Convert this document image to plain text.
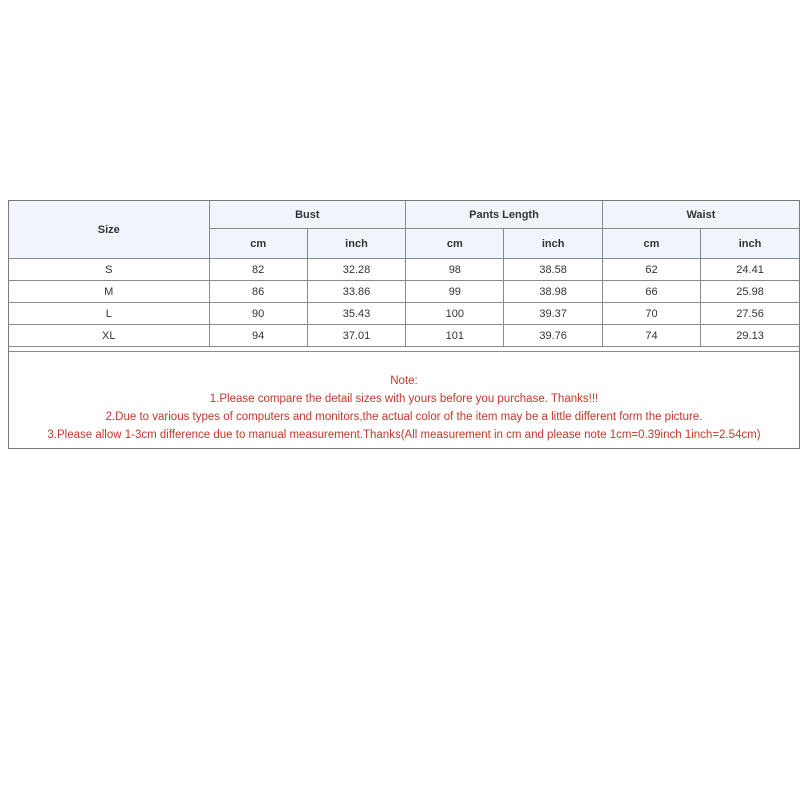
Size	Bust		Pants Length		Waist	
	cm	inch	cm	inch	cm	inch
S	82	32.28	98	38.58	62	24.41
M	86	33.86	99	38.98	66	25.98
L	90	35.43	100	39.37	70	27.56
XL	94	37.01	101	39.76	74	29.13
Note:
1.Please compare the detail sizes with yours before you purchase. Thanks!!!
2.Due to various types of computers and monitors,the actual color of the item may be a little different form the picture.
3.Please allow 1-3cm difference due to manual measurement.Thanks(All measurement in cm and please note 1cm=0.39inch 1inch=2.54cm)
